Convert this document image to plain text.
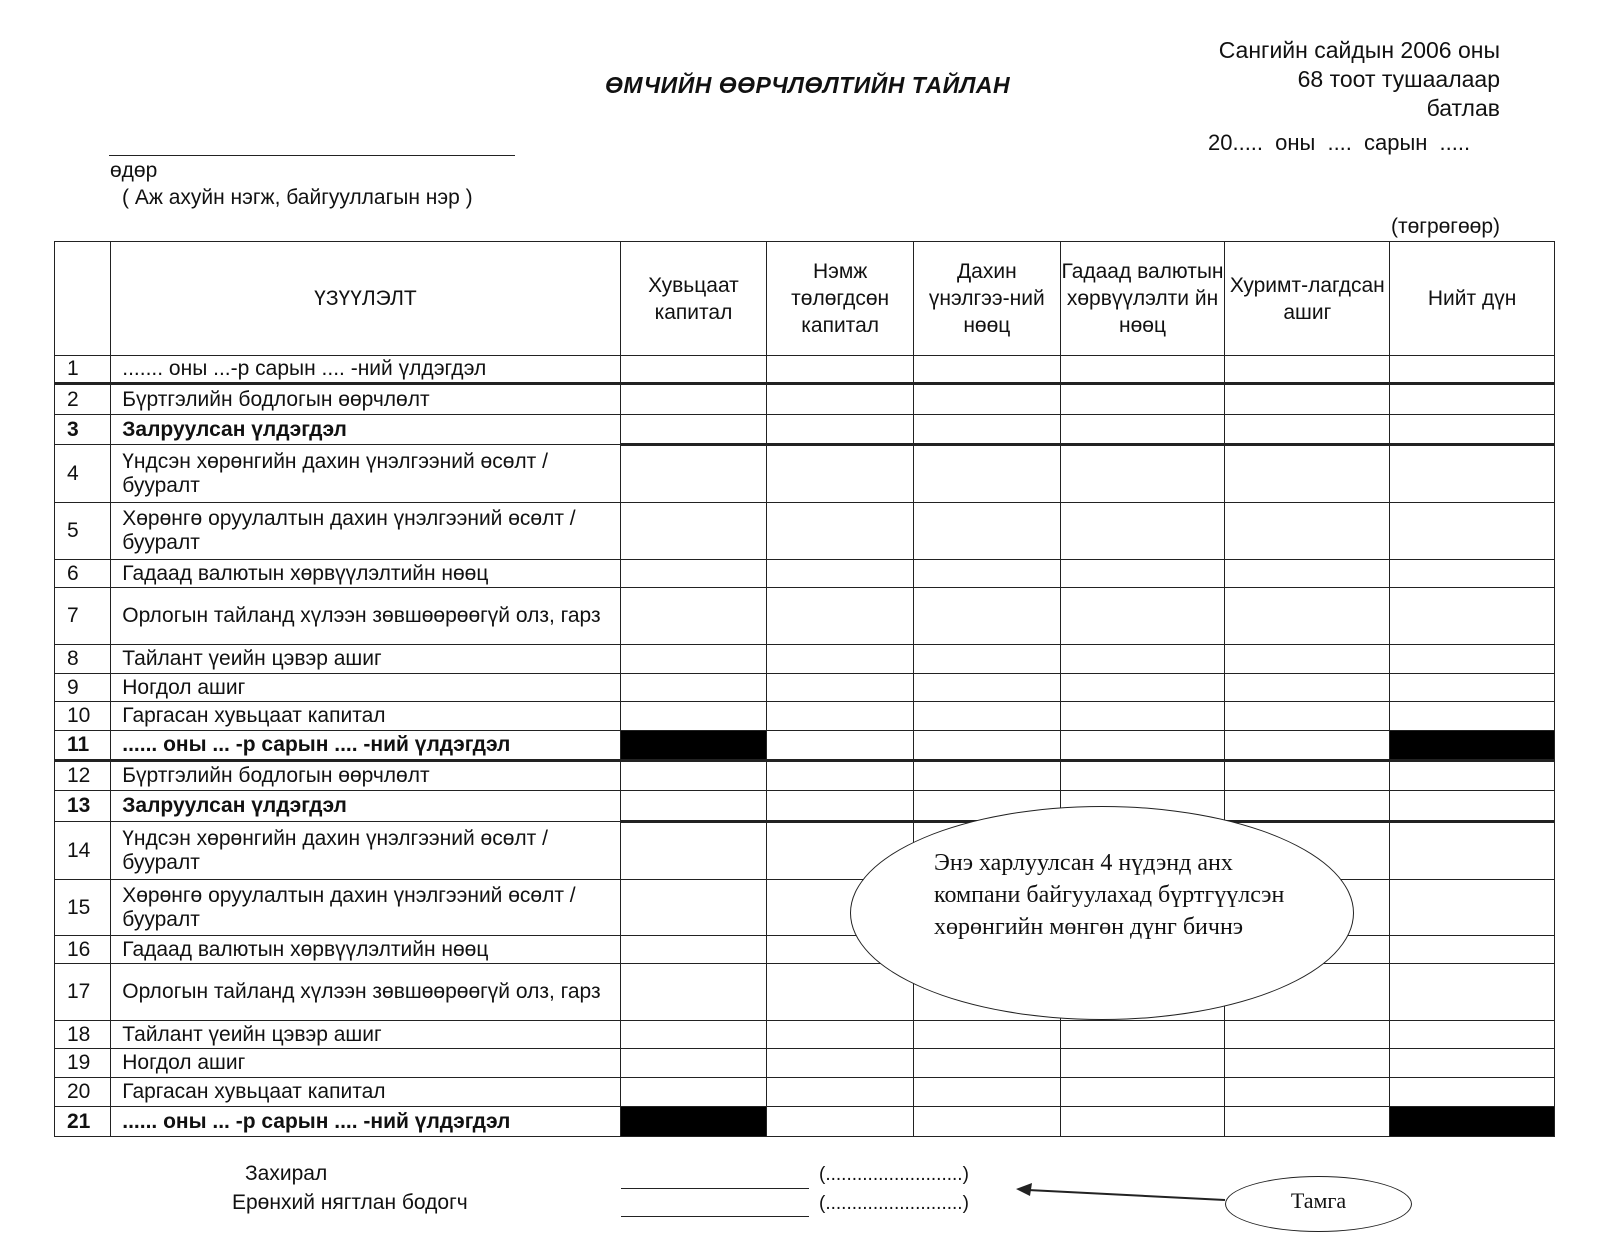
Сангийн сайдын 2006 оны
68 тоот тушаалаар
батлав
ӨМЧИЙН ӨӨРЧЛӨЛТИЙН ТАЙЛАН
20..... оны .... сарын .....
өдөр
( Аж ахуйн нэгж, байгууллагын нэр )
(төгрөгөөр)
	ҮЗҮҮЛЭЛТ	Хувьцаат капитал	Нэмж төлөгдсөн капитал	Дахин үнэлгээ-ний нөөц	Гадаад валютын хөрвүүлэлти йн нөөц	Хуримт-лагдсан ашиг	Нийт дүн
1	....... оны ...-р сарын .... -ний үлдэгдэл						
2	Бүртгэлийн бодлогын өөрчлөлт						
3	Залруулсан үлдэгдэл						
4	Үндсэн хөрөнгийн дахин үнэлгээний өсөлт /бууралт						
5	Хөрөнгө оруулалтын дахин үнэлгээний өсөлт /бууралт						
6	Гадаад валютын хөрвүүлэлтийн нөөц						
7	Орлогын тайланд хүлээн зөвшөөрөөгүй олз, гарз						
8	Тайлант үеийн цэвэр ашиг						
9	Ногдол ашиг						
10	Гаргасан хувьцаат капитал						
11	...... оны ... -р сарын .... -ний үлдэгдэл						
12	Бүртгэлийн бодлогын өөрчлөлт						
13	Залруулсан үлдэгдэл						
14	Үндсэн хөрөнгийн дахин үнэлгээний өсөлт /бууралт						
15	Хөрөнгө оруулалтын дахин үнэлгээний өсөлт /бууралт						
16	Гадаад валютын хөрвүүлэлтийн нөөц						
17	Орлогын тайланд хүлээн зөвшөөрөөгүй олз, гарз						
18	Тайлант үеийн цэвэр ашиг						
19	Ногдол ашиг						
20	Гаргасан хувьцаат капитал						
21	...... оны ... -р сарын .... -ний үлдэгдэл						
Энэ харлуулсан 4 нүдэнд анх компани байгуулахад бүртгүүлсэн хөрөнгийн мөнгөн дүнг бичнэ
Захирал	(..........................)
Ерөнхий нягтлан бодогч	(..........................)	Тамга
